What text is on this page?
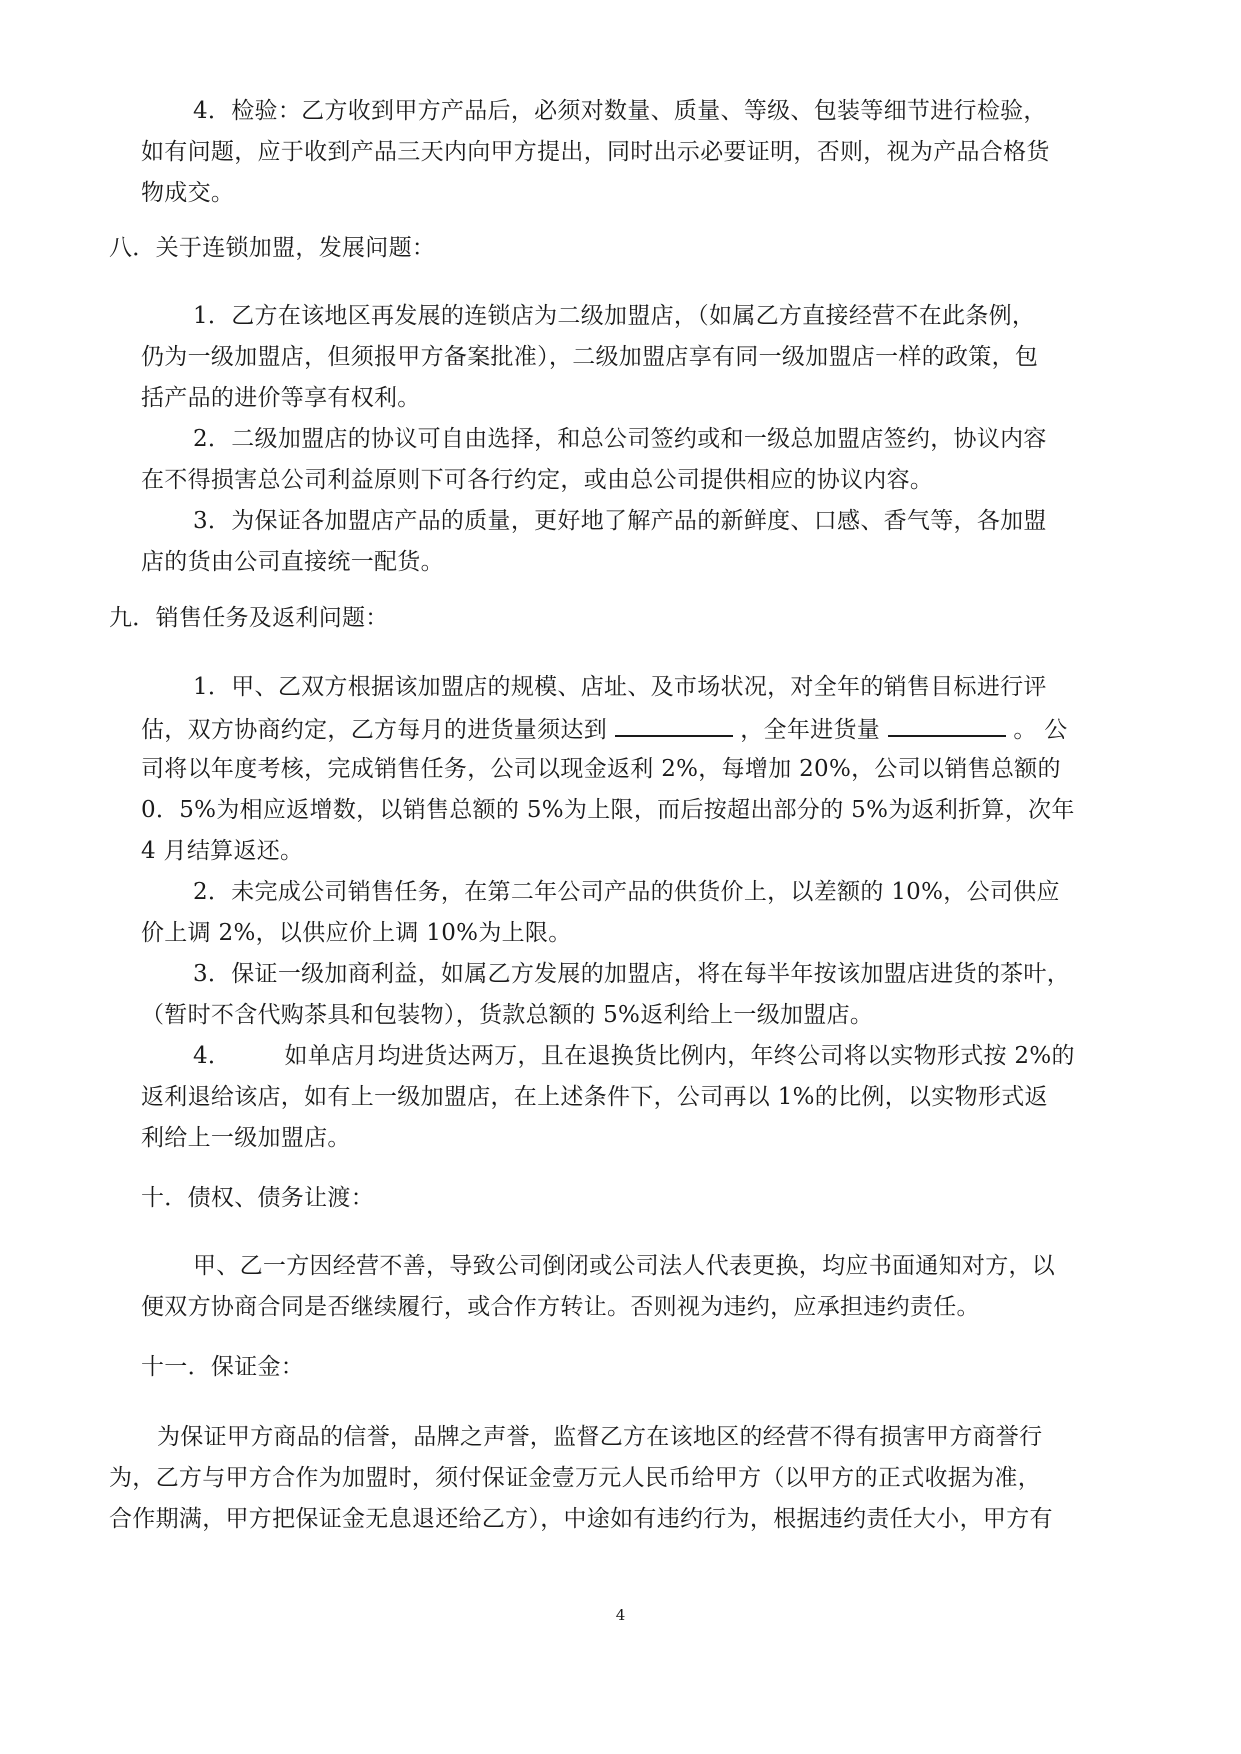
4．检验：乙方收到甲方产品后，必须对数量、质量、等级、包装等细节进行检验，
如有问题，应于收到产品三天内向甲方提出，同时出示必要证明，否则，视为产品合格货
物成交。
八．关于连锁加盟，发展问题：
1．乙方在该地区再发展的连锁店为二级加盟店，（如属乙方直接经营不在此条例，
仍为一级加盟店，但须报甲方备案批准），二级加盟店享有同一级加盟店一样的政策，包
括产品的进价等享有权利。
2．二级加盟店的协议可自由选择，和总公司签约或和一级总加盟店签约，协议内容
在不得损害总公司利益原则下可各行约定，或由总公司提供相应的协议内容。
3．为保证各加盟店产品的质量，更好地了解产品的新鲜度、口感、香气等，各加盟
店的货由公司直接统一配货。
九．销售任务及返利问题：
1．甲、乙双方根据该加盟店的规模、店址、及市场状况，对全年的销售目标进行评
估，双方协商约定，乙方每月的进货量须达到	，全年进货量	。 公
司将以年度考核，完成销售任务，公司以现金返利 2%，每增加 20%，公司以销售总额的
0．5%为相应返增数，以销售总额的 5%为上限，而后按超出部分的 5%为返利折算，次年
4 月结算返还。
2．未完成公司销售任务，在第二年公司产品的供货价上，以差额的 10%，公司供应
价上调 2%，以供应价上调 10%为上限。
3．保证一级加商利益，如属乙方发展的加盟店，将在每半年按该加盟店进货的茶叶，
（暂时不含代购茶具和包装物），货款总额的 5%返利给上一级加盟店。
4．       如单店月均进货达两万，且在退换货比例内，年终公司将以实物形式按 2%的
返利退给该店，如有上一级加盟店，在上述条件下，公司再以 1%的比例，以实物形式返
利给上一级加盟店。
十．债权、债务让渡：
甲、乙一方因经营不善，导致公司倒闭或公司法人代表更换，均应书面通知对方，以
便双方协商合同是否继续履行，或合作方转让。否则视为违约，应承担违约责任。
十一．保证金：
为保证甲方商品的信誉，品牌之声誉，监督乙方在该地区的经营不得有损害甲方商誉行
为，乙方与甲方合作为加盟时，须付保证金壹万元人民币给甲方（以甲方的正式收据为准，
合作期满，甲方把保证金无息退还给乙方），中途如有违约行为，根据违约责任大小，甲方有
4
